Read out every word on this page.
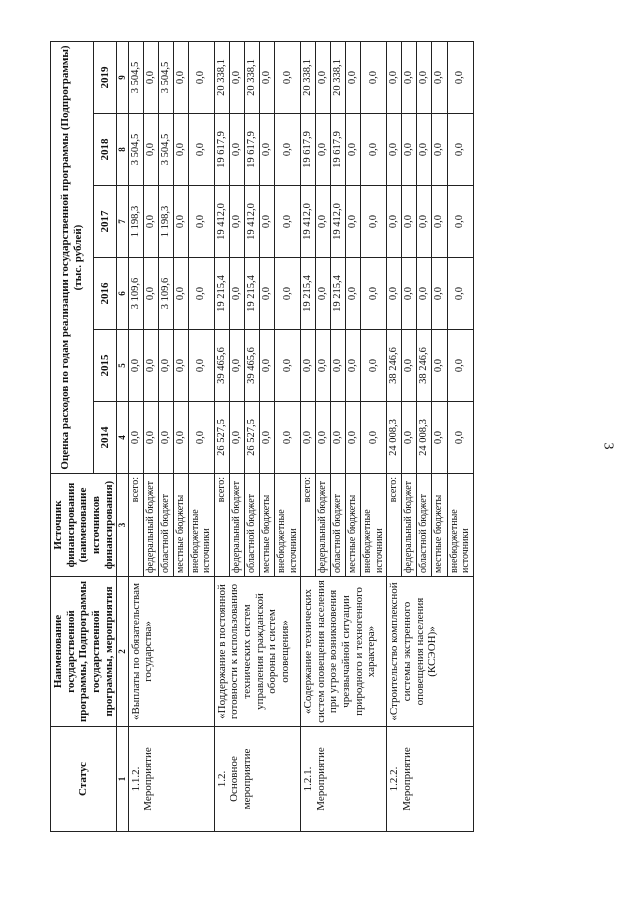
3
Статус	Наименование государственной программы, Подпрограммы государственной программы, мероприятия	Источник финансирования (наименование источников финансирования)	Оценка расходов по годам реализации государственной программы (Подпрограммы) (тыс. рублей)					
			2014	2015	2016	2017	2018	2019
1	2	3	4	5	6	7	8	9

1.1.2. Мероприятие	«Выплаты по обязательствам государства»	всего:	0,0	0,0	3 109,6	1 198,3	3 504,5	3 504,5
		федеральный бюджет	0,0	0,0	0,0	0,0	0,0	0,0
		областной бюджет	0,0	0,0	3 109,6	1 198,3	3 504,5	3 504,5
		местные бюджеты	0,0	0,0	0,0	0,0	0,0	0,0
		внебюджетные источники	0,0	0,0	0,0	0,0	0,0	0,0

1.2. Основное мероприятие	«Поддержание в постоянной готовности к использованию технических систем управления гражданской обороны и систем оповещения»	всего:	26 527,5	39 465,6	19 215,4	19 412,0	19 617,9	20 338,1
		федеральный бюджет	0,0	0,0	0,0	0,0	0,0	0,0
		областной бюджет	26 527,5	39 465,6	19 215,4	19 412,0	19 617,9	20 338,1
		местные бюджеты	0,0	0,0	0,0	0,0	0,0	0,0
		внебюджетные источники	0,0	0,0	0,0	0,0	0,0	0,0

1.2.1. Мероприятие	«Содержание технических систем оповещения населения при угрозе возникновения чрезвычайной ситуации природного и техногенного характера»	всего:	0,0	0,0	19 215,4	19 412,0	19 617,9	20 338,1
		федеральный бюджет	0,0	0,0	0,0	0,0	0,0	0,0
		областной бюджет	0,0	0,0	19 215,4	19 412,0	19 617,9	20 338,1
		местные бюджеты	0,0	0,0	0,0	0,0	0,0	0,0
		внебюджетные источники	0,0	0,0	0,0	0,0	0,0	0,0

1.2.2. Мероприятие	«Строительство комплексной системы экстренного оповещения населения (КСЭОН)»	всего:	24 008,3	38 246,6	0,0	0,0	0,0	0,0
		федеральный бюджет	0,0	0,0	0,0	0,0	0,0	0,0
		областной бюджет	24 008,3	38 246,6	0,0	0,0	0,0	0,0
		местные бюджеты	0,0	0,0	0,0	0,0	0,0	0,0
		внебюджетные источники	0,0	0,0	0,0	0,0	0,0	0,0
